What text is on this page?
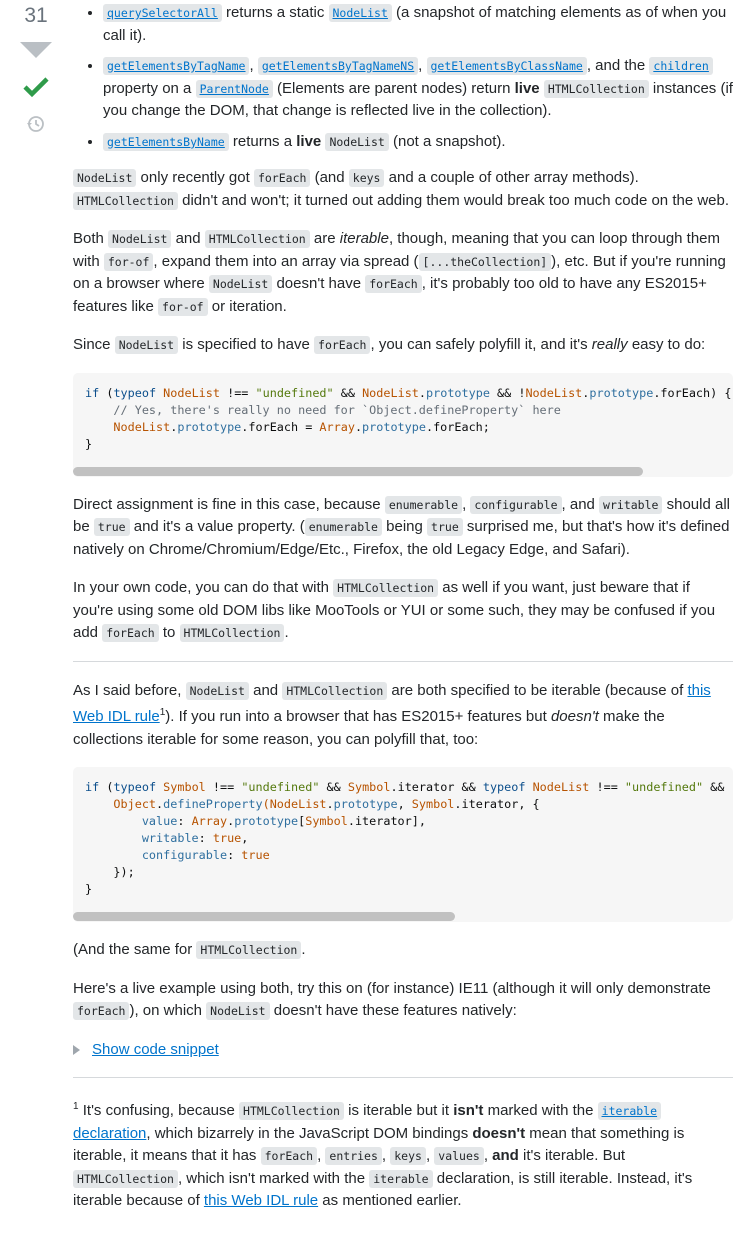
31
•	querySelectorAll returns a static NodeList (a snapshot of matching elements as of when you call it).
• getElementsByTagName , getElementsByTagNameNS , getElementsByClassName , and the children property on a ParentNode (Elements are parent nodes) return live HTMLCollection instances (if you change the DOM, that change is reflected live in the collection).
• getElementsByName returns a live NodeList (not a snapshot).

NodeList only recently got forEach (and keys and a couple of other array methods). HTMLCollection didn't and won't; it turned out adding them would break too much code on the web.

Both NodeList and HTMLCollection are iterable, though, meaning that you can loop through them with for-of , expand them into an array via spread ( [...theCollection] ), etc. But if you're running on a browser where NodeList doesn't have forEach , it's probably too old to have any ES2015+ features like for-of or iteration.

Since NodeList is specified to have forEach , you can safely polyfill it, and it's really easy to do:

if (typeof NodeList !== "undefined" && NodeList.prototype && !NodeList.prototype.forEach) {
// Yes, there's really no need for `Object.defineProperty` here
NodeList.prototype.forEach = Array.prototype.forEach;
}

Direct assignment is fine in this case, because enumerable , configurable , and writable should all be true and it's a value property. ( enumerable being true surprised me, but that's how it's defined natively on Chrome/Chromium/Edge/Etc., Firefox, the old Legacy Edge, and Safari).

In your own code, you can do that with HTMLCollection as well if you want, just beware that if you're using some old DOM libs like MooTools or YUI or some such, they may be confused if you add forEach to HTMLCollection .

As I said before, NodeList and HTMLCollection are both specified to be iterable (because of this Web IDL rule$^1$). If you run into a browser that has ES2015+ features but doesn't make the collections iterable for some reason, you can polyfill that, too:

if (typeof Symbol !== "undefined" && Symbol.iterator && typeof NodeList !== "undefined" &&
Object.defineProperty(NodeList.prototype, Symbol.iterator, {
value: Array.prototype[Symbol.iterator],
writable: true,
configurable: true
});
}

(And the same for HTMLCollection .

Here's a live example using both, try this on (for instance) IE11 (although it will only demonstrate forEach ), on which NodeList doesn't have these features natively:

Show code snippet

$^1$ It's confusing, because HTMLCollection is iterable but it isn't marked with the iterable declaration, which bizarrely in the JavaScript DOM bindings doesn't mean that something is iterable, it means that it has forEach , entries , keys , values , and it's iterable. But HTMLCollection , which isn't marked with the iterable declaration, is still iterable. Instead, it's iterable because of this Web IDL rule as mentioned earlier.
